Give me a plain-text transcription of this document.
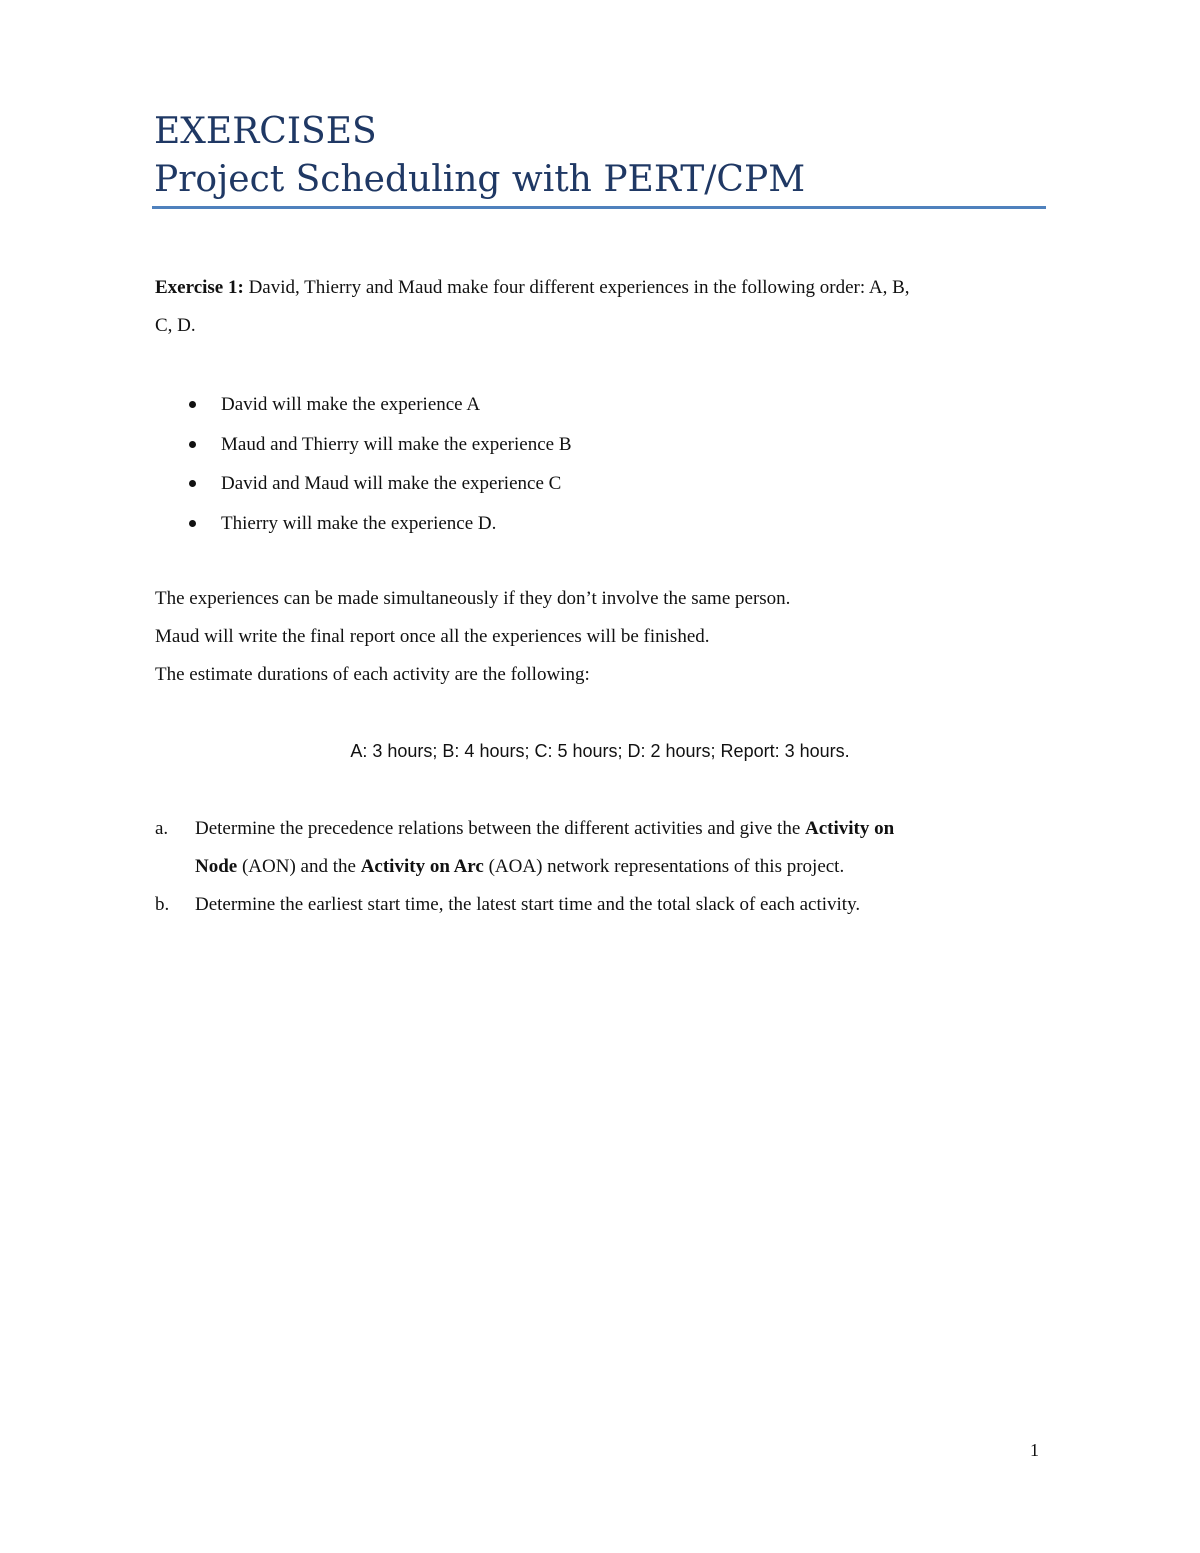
EXERCISES
Project Scheduling with PERT/CPM
Exercise 1: David, Thierry and Maud make four different experiences in the following order: A, B,
C, D.
David will make the experience A
Maud and Thierry will make the experience B
David and Maud will make the experience C
Thierry will make the experience D.
The experiences can be made simultaneously if they don’t involve the same person.
Maud will write the final report once all the experiences will be finished.
The estimate durations of each activity are the following:
A: 3 hours; B: 4 hours; C: 5 hours; D: 2 hours; Report: 3 hours.
a. Determine the precedence relations between the different activities and give the Activity on
Node (AON) and the Activity on Arc (AOA) network representations of this project.
b. Determine the earliest start time, the latest start time and the total slack of each activity.
1
